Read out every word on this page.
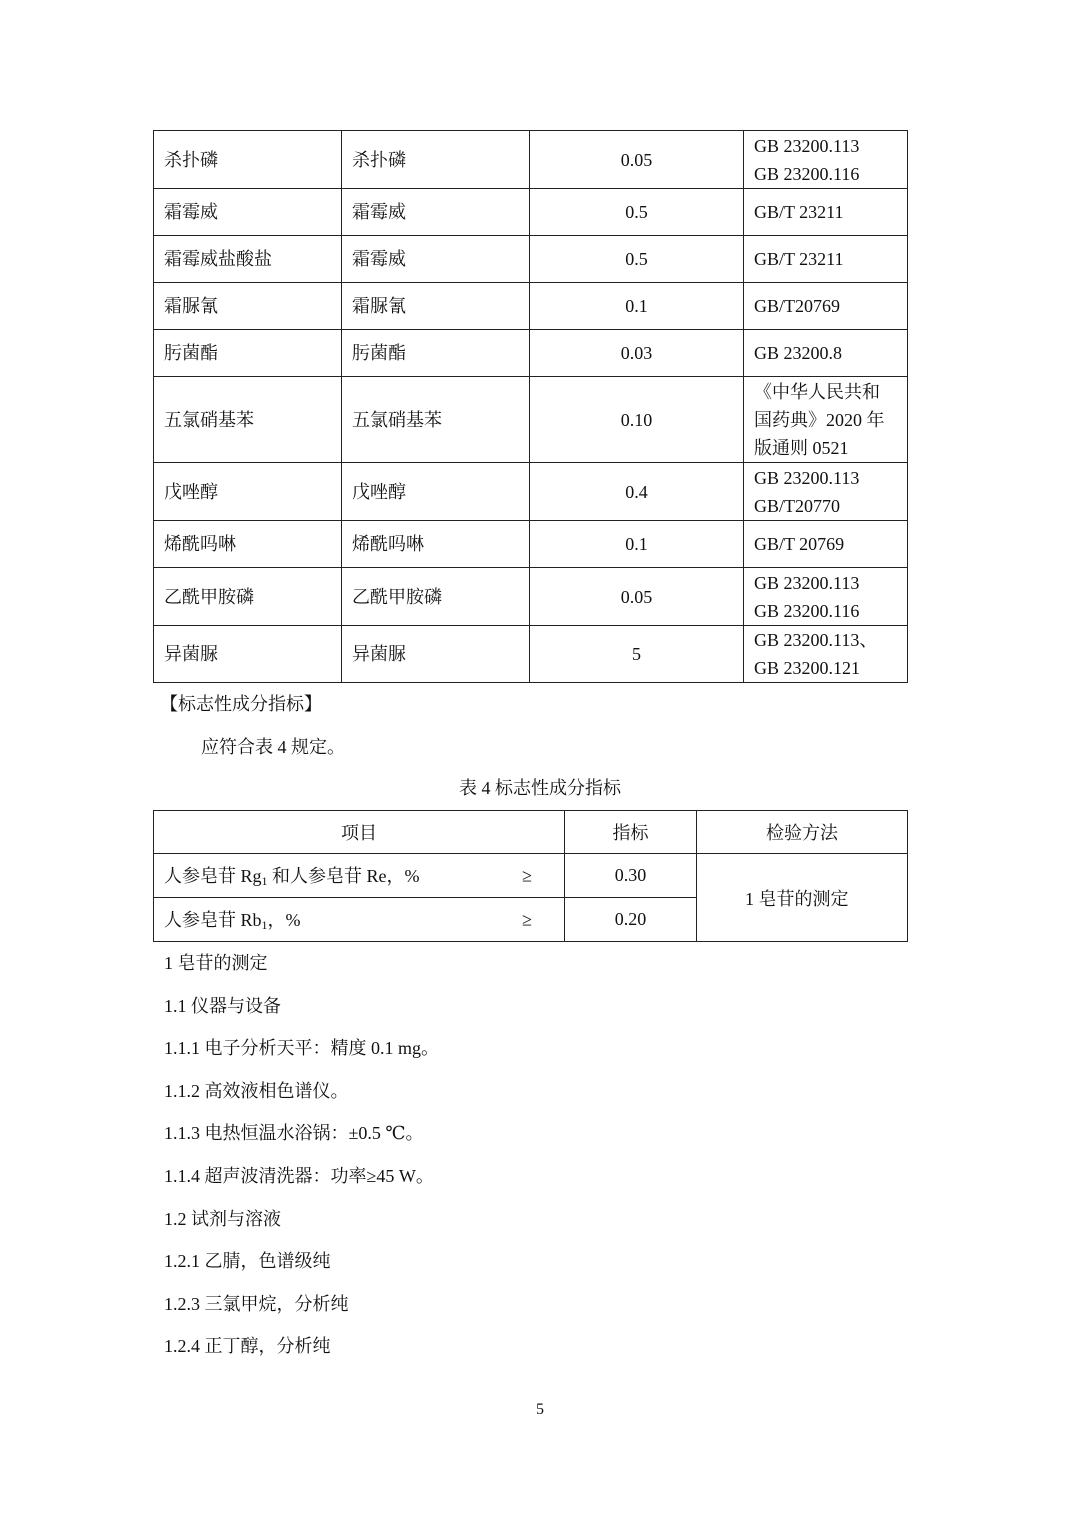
杀扑磷	杀扑磷	0.05	GB 23200.113
GB 23200.116

霜霉威	霜霉威	0.5	GB/T 23211

霜霉威盐酸盐	霜霉威	0.5	GB/T 23211

霜脲氰	霜脲氰	0.1	GB/T20769

肟菌酯	肟菌酯	0.03	GB 23200.8

五氯硝基苯	五氯硝基苯	0.10	《中华人民共和国药典》2020 年版通则 0521

戊唑醇	戊唑醇	0.4	GB 23200.113
GB/T20770

烯酰吗啉	烯酰吗啉	0.1	GB/T 20769

乙酰甲胺磷	乙酰甲胺磷	0.05	GB 23200.113
GB 23200.116

异菌脲	异菌脲	5	GB 23200.113、
GB 23200.121
【标志性成分指标】
应符合表 4 规定。
表 4 标志性成分指标
项目	指标	检验方法
人参皂苷 $Rg_1$ 和人参皂苷 Re，% ≥	0.30	1 皂苷的测定
人参皂苷 $Rb_1$，% ≥	0.20	
1 皂苷的测定
1.1 仪器与设备
1.1.1 电子分析天平：精度 0.1 mg。
1.1.2 高效液相色谱仪。
1.1.3 电热恒温水浴锅：±0.5 ℃。
1.1.4 超声波清洗器：功率≥45 W。
1.2 试剂与溶液
1.2.1 乙腈，色谱级纯
1.2.3 三氯甲烷，分析纯
1.2.4 正丁醇，分析纯
5
